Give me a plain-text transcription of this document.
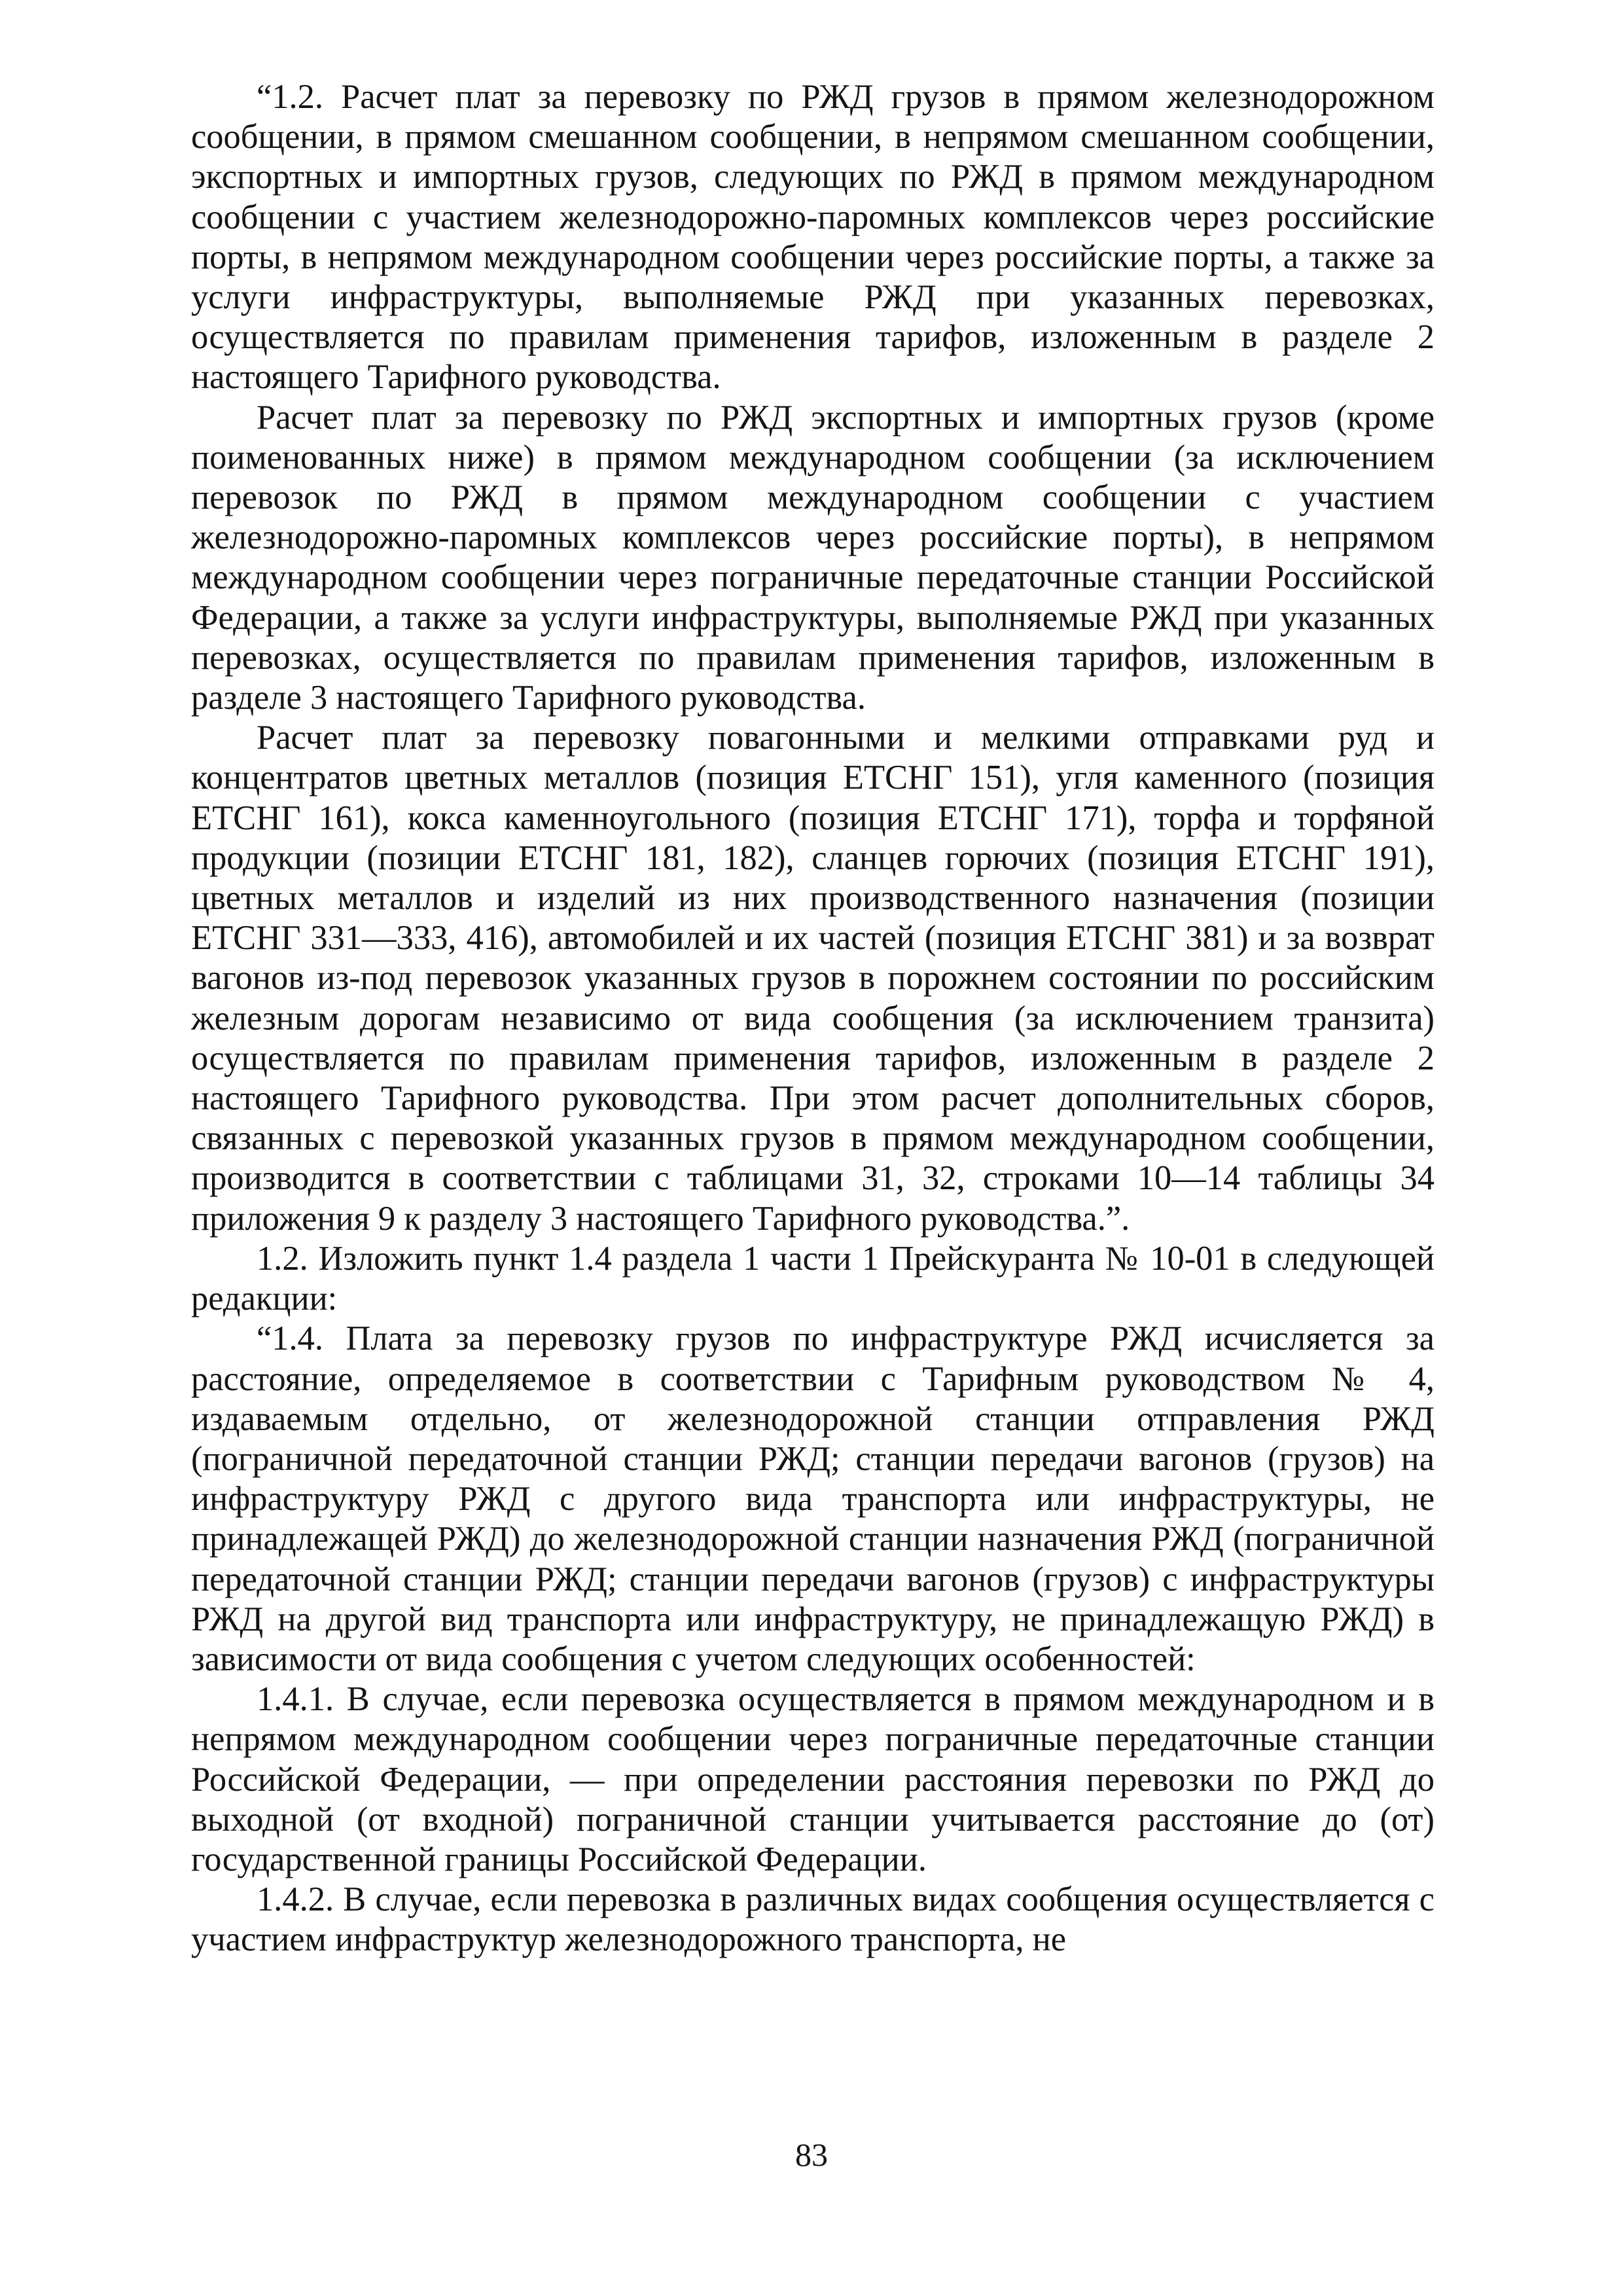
“1.2. Расчет плат за перевозку по РЖД грузов в прямом железнодорожном сообщении, в прямом смешанном сообщении, в непрямом смешанном сообщении, экспортных и импортных грузов, следующих по РЖД в прямом международном сообщении с участием железнодорожно-паромных комплексов через российские порты, в непрямом международном сообщении через российские порты, а также за услуги инфраструктуры, выполняемые РЖД при указанных перевозках, осуществляется по правилам применения тарифов, изложенным в разделе 2 настоящего Тарифного руководства.

Расчет плат за перевозку по РЖД экспортных и импортных грузов (кроме поименованных ниже) в прямом международном сообщении (за исключением перевозок по РЖД в прямом международном сообщении с участием железнодорожно-паромных комплексов через российские порты), в непрямом международном сообщении через пограничные передаточные станции Российской Федерации, а также за услуги инфраструктуры, выполняемые РЖД при указанных перевозках, осуществляется по правилам применения тарифов, изложенным в разделе 3 настоящего Тарифного руководства.

Расчет плат за перевозку повагонными и мелкими отправками руд и концентратов цветных металлов (позиция ЕТСНГ 151), угля каменного (позиция ЕТСНГ 161), кокса каменноугольного (позиция ЕТСНГ 171), торфа и торфяной продукции (позиции ЕТСНГ 181, 182), сланцев горючих (позиция ЕТСНГ 191), цветных металлов и изделий из них производственного назначения (позиции ЕТСНГ 331—333, 416), автомобилей и их частей (позиция ЕТСНГ 381) и за возврат вагонов из-под перевозок указанных грузов в порожнем состоянии по российским железным дорогам независимо от вида сообщения (за исключением транзита) осуществляется по правилам применения тарифов, изложенным в разделе 2 настоящего Тарифного руководства. При этом расчет дополнительных сборов, связанных с перевозкой указанных грузов в прямом международном сообщении, производится в соответствии с таблицами 31, 32, строками 10—14 таблицы 34 приложения 9 к разделу 3 настоящего Тарифного руководства.”.

1.2. Изложить пункт 1.4 раздела 1 части 1 Прейскуранта № 10-01 в следующей редакции:

“1.4. Плата за перевозку грузов по инфраструктуре РЖД исчисляется за расстояние, определяемое в соответствии с Тарифным руководством № 4, издаваемым отдельно, от железнодорожной станции отправления РЖД (пограничной передаточной станции РЖД; станции передачи вагонов (грузов) на инфраструктуру РЖД с другого вида транспорта или инфраструктуры, не принадлежащей РЖД) до железнодорожной станции назначения РЖД (пограничной передаточной станции РЖД; станции передачи вагонов (грузов) с инфраструктуры РЖД на другой вид транспорта или инфраструктуру, не принадлежащую РЖД) в зависимости от вида сообщения с учетом следующих особенностей:

1.4.1. В случае, если перевозка осуществляется в прямом международном и в непрямом международном сообщении через пограничные передаточные станции Российской Федерации, — при определении расстояния перевозки по РЖД до выходной (от входной) пограничной станции учитывается расстояние до (от) государственной границы Российской Федерации.

1.4.2. В случае, если перевозка в различных видах сообщения осуществляется с участием инфраструктур железнодорожного транспорта, не

83
